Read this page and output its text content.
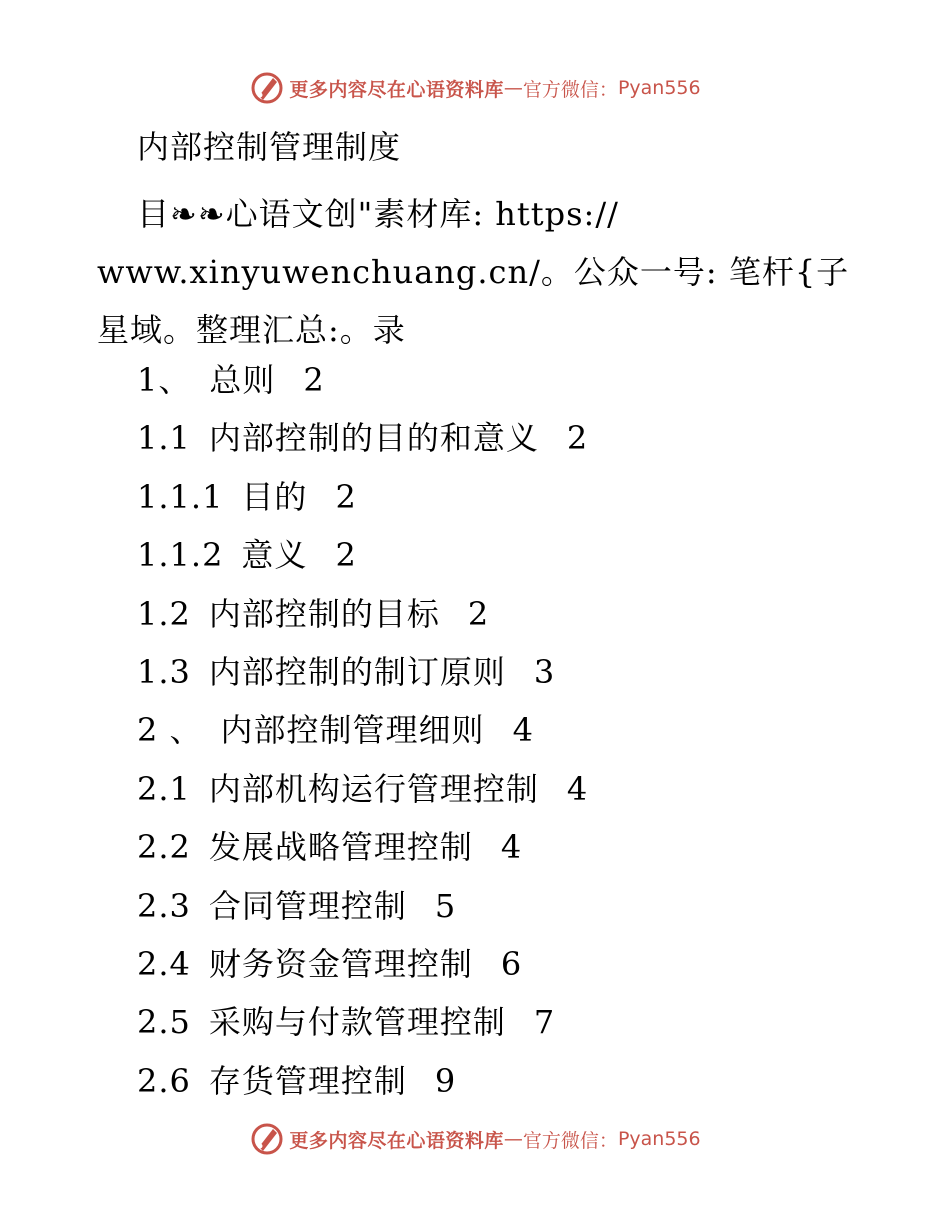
更多内容尽在心语资料库 — 官方微信： Pyan556
内部控制管理制度
目❧❧心语文创"素材库: https:// www.xinyuwenchuang.cn/。公众一号: 笔杆{子星域。整理汇总:。录
1、 总则 2
1.1 内部控制的目的和意义 2
1.1.1 目的 2
1.1.2 意义 2
1.2 内部控制的目标 2
1.3 内部控制的制订原则 3
2 、 内部控制管理细则 4
2.1 内部机构运行管理控制 4
2.2 发展战略管理控制 4
2.3 合同管理控制 5
2.4 财务资金管理控制 6
2.5 采购与付款管理控制 7
2.6 存货管理控制 9
更多内容尽在心语资料库 — 官方微信： Pyan556
